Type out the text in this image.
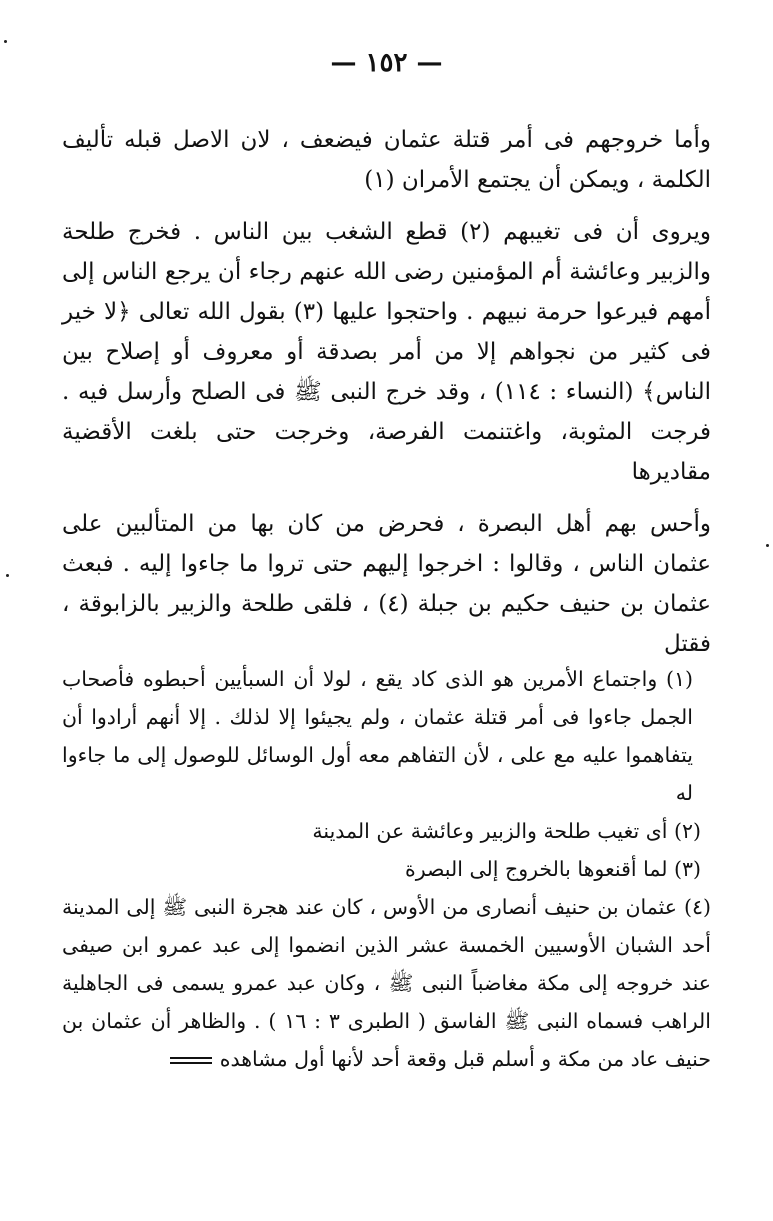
— ١٥٢ —

وأما خروجهم فى أمر قتلة عثمان فيضعف ، لان الاصل قبله تأليف الكلمة ، ويمكن أن يجتمع الأمران (١)

ويروى أن فى تغيبهم (٢) قطع الشغب بين الناس . فخرج طلحة والزبير وعائشة أم المؤمنين رضى الله عنهم رجاء أن يرجع الناس إلى أمهم فيرعوا حرمة نبيهم . واحتجوا عليها (٣) بقول الله تعالى ﴿لا خير فى كثير من نجواهم إلا من أمر بصدقة أو معروف أو إصلاح بين الناس﴾ (النساء : ١١٤) ، وقد خرج النبى ﷺ فى الصلح وأرسل فيه . فرجت المثوبة، واغتنمت الفرصة، وخرجت حتى بلغت الأقضية مقاديرها

وأحس بهم أهل البصرة ، فحرض من كان بها من المتألبين على عثمان الناس ، وقالوا : اخرجوا إليهم حتى تروا ما جاءوا إليه . فبعث عثمان بن حنيف حكيم بن جبلة (٤) ، فلقى طلحة والزبير بالزابوقة ، فقتل

(١) واجتماع الأمرين هو الذى كاد يقع ، لولا أن السبأيين أحبطوه فأصحاب الجمل جاءوا فى أمر قتلة عثمان ، ولم يجيئوا إلا لذلك . إلا أنهم أرادوا أن يتفاهموا عليه مع على ، لأن التفاهم معه أول الوسائل للوصول إلى ما جاءوا له

(٢) أى تغيب طلحة والزبير وعائشة عن المدينة

(٣) لما أقنعوها بالخروج إلى البصرة

(٤) عثمان بن حنيف أنصارى من الأوس ، كان عند هجرة النبى ﷺ إلى المدينة أحد الشبان الأوسيين الخمسة عشر الذين انضموا إلى عبد عمرو ابن صيفى عند خروجه إلى مكة مغاضباً النبى ﷺ ، وكان عبد عمرو يسمى فى الجاهلية الراهب فسماه النبى ﷺ الفاسق ( الطبرى ٣ : ١٦ ) . والظاهر أن عثمان بن حنيف عاد من مكة و أسلم قبل وقعة أحد لأنها أول مشاهده
